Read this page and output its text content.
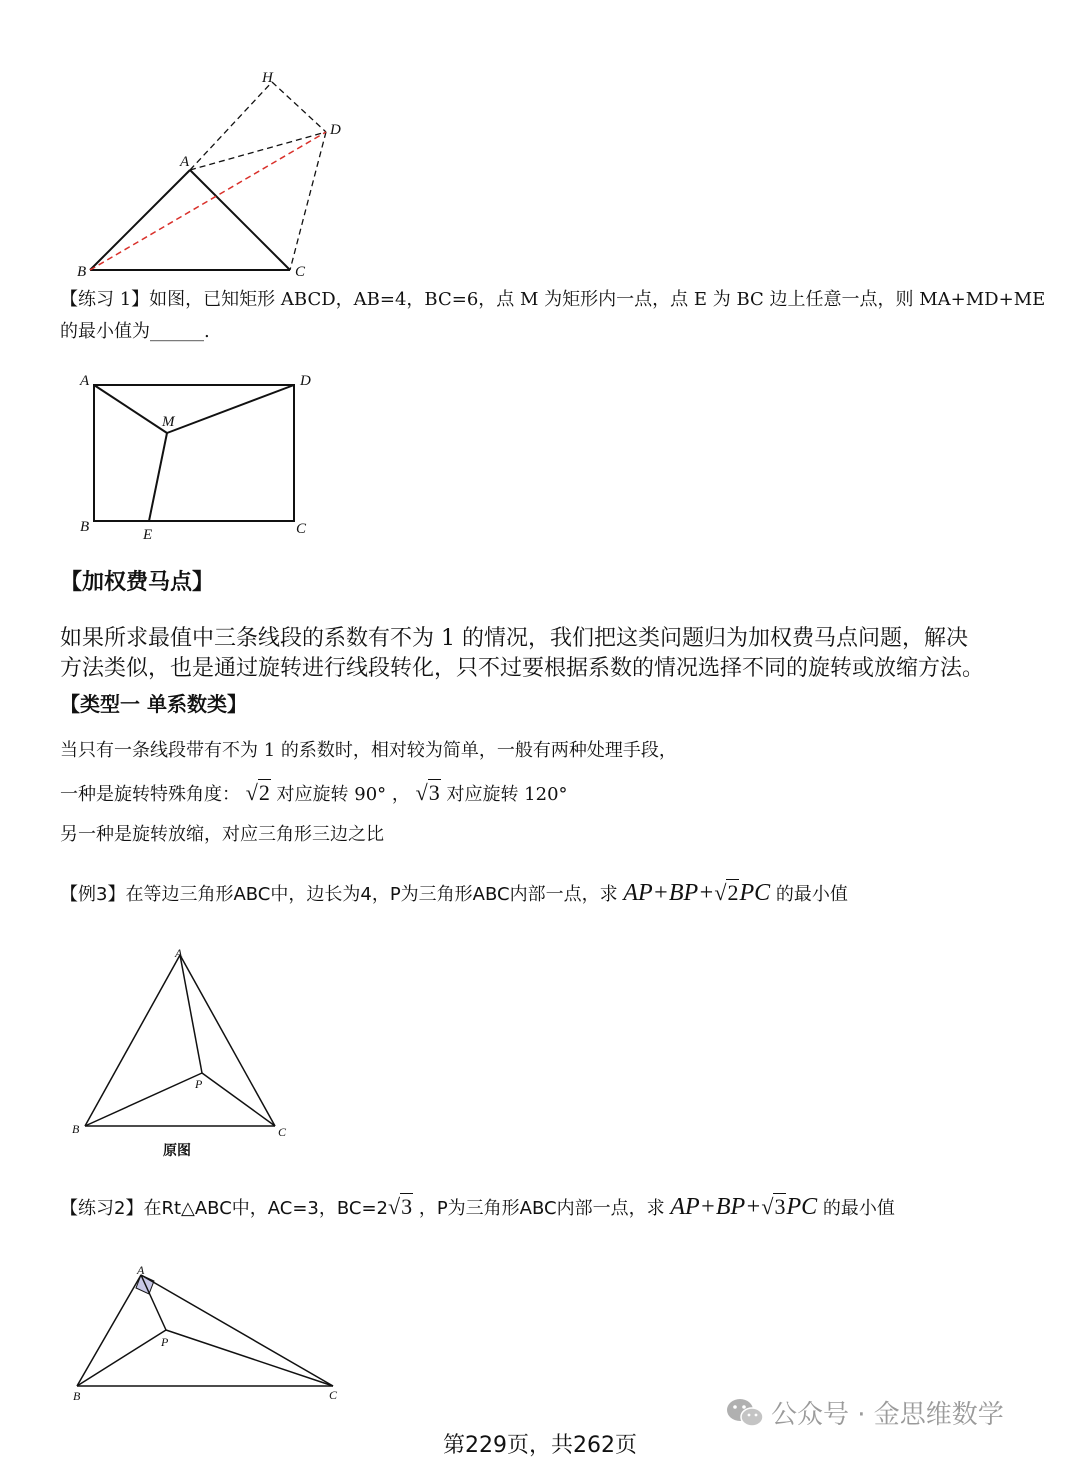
H
D
A
B	C
【练习 1】如图，已知矩形 ABCD，AB=4，BC=6，点 M 为矩形内一点，点 E 为 BC 边上任意一点，则 MA+MD+ME
的最小值为______.
A	D
M
B	E	C
【加权费马点】
如果所求最值中三条线段的系数有不为 1 的情况，我们把这类问题归为加权费马点问题，解决
方法类似，也是通过旋转进行线段转化，只不过要根据系数的情况选择不同的旋转或放缩方法。
【类型一 单系数类】
当只有一条线段带有不为 1 的系数时，相对较为简单，一般有两种处理手段，
一种是旋转特殊角度： √2 对应旋转 90° ， √3 对应旋转 120°
另一种是旋转放缩，对应三角形三边之比
【例3】在等边三角形ABC中，边长为4，P为三角形ABC内部一点，求 AP+BP+√2PC 的最小值
A
B	C
P
原图
【练习2】在Rt△ABC中，AC=3，BC=2√3 ，P为三角形ABC内部一点，求 AP+BP+√3PC 的最小值
A
B	C
P
公众号 · 金思维数学
第229页，共262页
